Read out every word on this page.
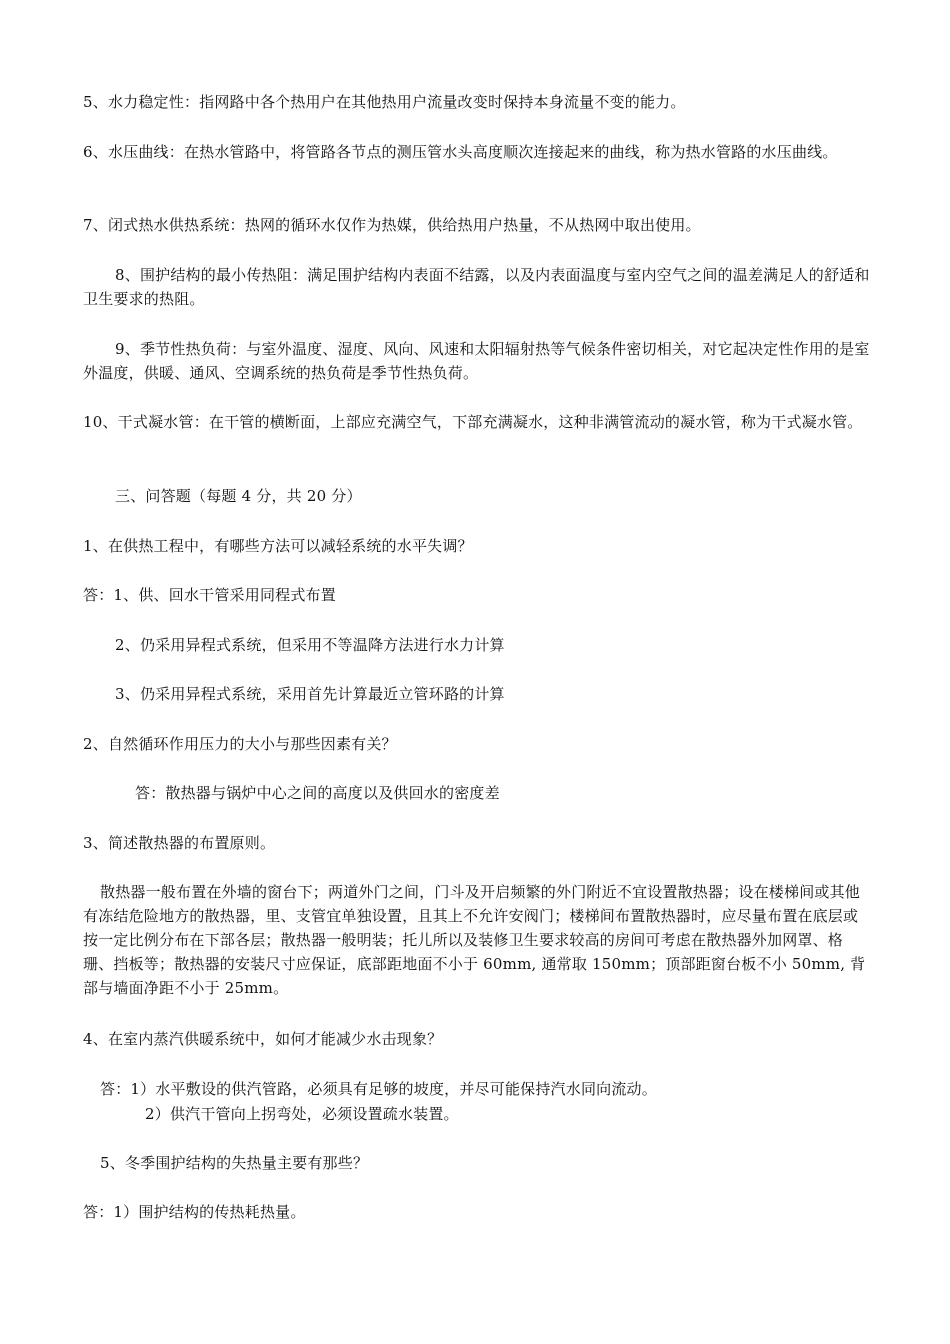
5、水力稳定性：指网路中各个热用户在其他热用户流量改变时保持本身流量不变的能力。

6、水压曲线：在热水管路中，将管路各节点的测压管水头高度顺次连接起来的曲线，称为热水管路的水压曲线。

7、闭式热水供热系统：热网的循环水仅作为热媒，供给热用户热量，不从热网中取出使用。

8、围护结构的最小传热阻：满足围护结构内表面不结露，以及内表面温度与室内空气之间的温差满足人的舒适和卫生要求的热阻。

9、季节性热负荷：与室外温度、湿度、风向、风速和太阳辐射热等气候条件密切相关，对它起决定性作用的是室外温度，供暖、通风、空调系统的热负荷是季节性热负荷。

10、干式凝水管：在干管的横断面，上部应充满空气，下部充满凝水，这种非满管流动的凝水管，称为干式凝水管。

三、问答题（每题 4 分，共 20 分）

1、在供热工程中，有哪些方法可以减轻系统的水平失调？

答：1、供、回水干管采用同程式布置

2、仍采用异程式系统，但采用不等温降方法进行水力计算

3、仍采用异程式系统，采用首先计算最近立管环路的计算

2、自然循环作用压力的大小与那些因素有关？

答：散热器与锅炉中心之间的高度以及供回水的密度差

3、简述散热器的布置原则。

散热器一般布置在外墙的窗台下；两道外门之间，门斗及开启频繁的外门附近不宜设置散热器；设在楼梯间或其他有冻结危险地方的散热器，里、支管宜单独设置，且其上不允许安阀门；楼梯间布置散热器时，应尽量布置在底层或按一定比例分布在下部各层；散热器一般明装；托儿所以及装修卫生要求较高的房间可考虑在散热器外加网罩、格珊、挡板等；散热器的安装尺寸应保证，底部距地面不小于 60mm, 通常取 150mm；顶部距窗台板不小 50mm, 背部与墙面净距不小于 25mm。

4、在室内蒸汽供暖系统中，如何才能减少水击现象？

答：1）水平敷设的供汽管路，必须具有足够的坡度，并尽可能保持汽水同向流动。

2）供汽干管向上拐弯处，必须设置疏水装置。

5、冬季围护结构的失热量主要有那些？

答：1）围护结构的传热耗热量。
